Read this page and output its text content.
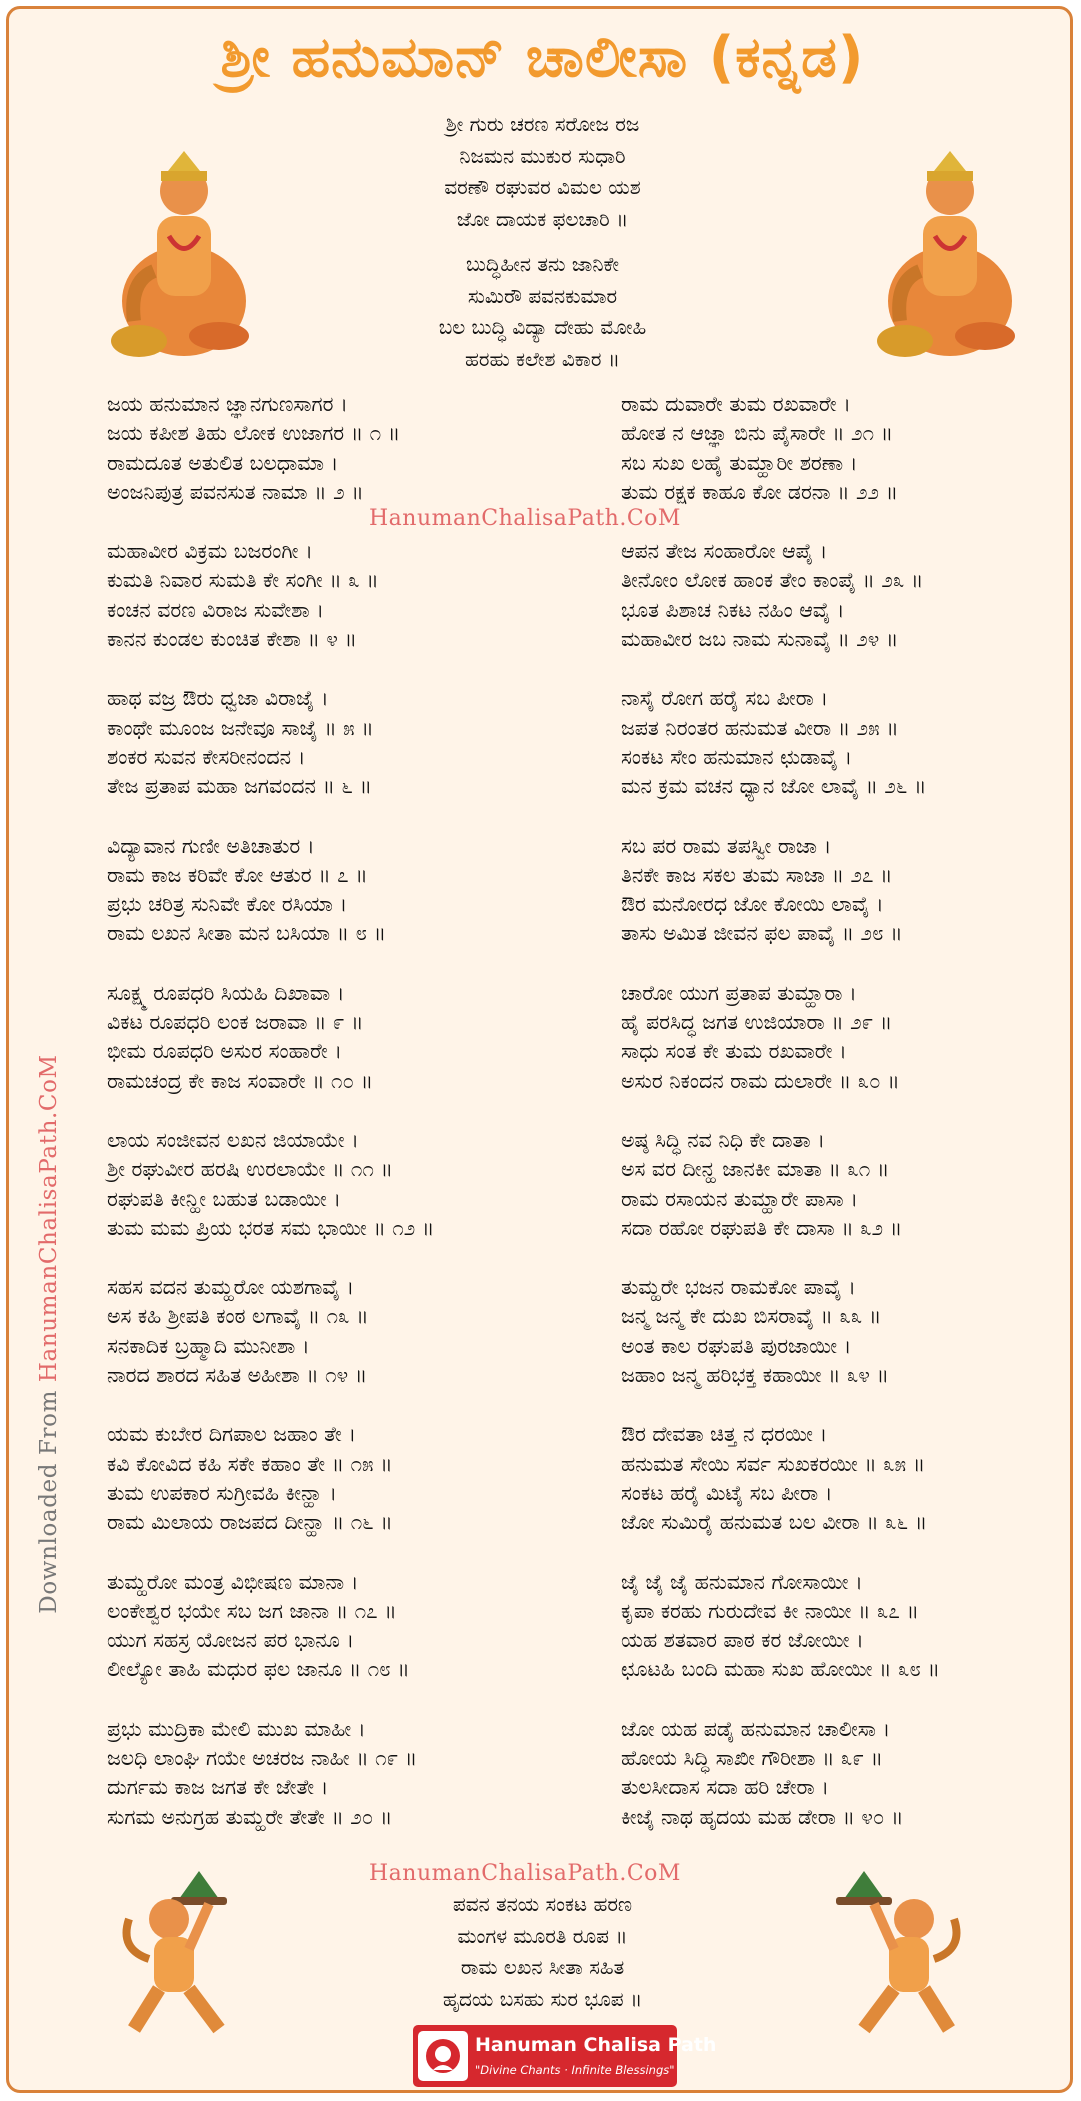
ಶ್ರೀ ಹನುಮಾನ್ ಚಾಲೀಸಾ (ಕನ್ನಡ)
ಶ್ರೀ ಗುರು ಚರಣ ಸರೋಜ ರಜ
ನಿಜಮನ ಮುಕುರ ಸುಧಾರಿ
ವರಣೌ ರಘುವರ ವಿಮಲ ಯಶ
ಜೋ ದಾಯಕ ಫಲಚಾರಿ ॥
ಬುದ್ಧಿಹೀನ ತನು ಜಾನಿಕೇ
ಸುಮಿರೌ ಪವನಕುಮಾರ
ಬಲ ಬುದ್ಧಿ ವಿದ್ಯಾ ದೇಹು ಮೋಹಿ
ಹರಹು ಕಲೇಶ ವಿಕಾರ ॥
HanumanChalisaPath.CoM
ಜಯ ಹನುಮಾನ ಜ್ಞಾನಗುಣಸಾಗರ ।
ಜಯ ಕಪೀಶ ತಿಹು ಲೋಕ ಉಜಾಗರ ॥ ೧ ॥
ರಾಮದೂತ ಅತುಲಿತ ಬಲಧಾಮಾ ।
ಅಂಜನಿಪುತ್ರ ಪವನಸುತ ನಾಮಾ ॥ ೨ ॥
ಮಹಾವೀರ ವಿಕ್ರಮ ಬಜರಂಗೀ ।
ಕುಮತಿ ನಿವಾರ ಸುಮತಿ ಕೇ ಸಂಗೀ ॥ ೩ ॥
ಕಂಚನ ವರಣ ವಿರಾಜ ಸುವೇಶಾ ।
ಕಾನನ ಕುಂಡಲ ಕುಂಚಿತ ಕೇಶಾ ॥ ೪ ॥
ಹಾಥ ವಜ್ರ ಔರು ಧ್ವಜಾ ವಿರಾಜೈ ।
ಕಾಂಥೇ ಮೂಂಜ ಜನೇವೂ ಸಾಜೈ ॥ ೫ ॥
ಶಂಕರ ಸುವನ ಕೇಸರೀನಂದನ ।
ತೇಜ ಪ್ರತಾಪ ಮಹಾ ಜಗವಂದನ ॥ ೬ ॥
ವಿದ್ಯಾವಾನ ಗುಣೀ ಅತಿಚಾತುರ ।
ರಾಮ ಕಾಜ ಕರಿವೇ ಕೋ ಆತುರ ॥ ೭ ॥
ಪ್ರಭು ಚರಿತ್ರ ಸುನಿವೇ ಕೋ ರಸಿಯಾ ।
ರಾಮ ಲಖನ ಸೀತಾ ಮನ ಬಸಿಯಾ ॥ ೮ ॥
ಸೂಕ್ಷ್ಮ ರೂಪಧರಿ ಸಿಯಹಿ ದಿಖಾವಾ ।
ವಿಕಟ ರೂಪಧರಿ ಲಂಕ ಜರಾವಾ ॥ ೯ ॥
ಭೀಮ ರೂಪಧರಿ ಅಸುರ ಸಂಹಾರೇ ।
ರಾಮಚಂದ್ರ ಕೇ ಕಾಜ ಸಂವಾರೇ ॥ ೧೦ ॥
ಲಾಯ ಸಂಜೀವನ ಲಖನ ಜಿಯಾಯೇ ।
ಶ್ರೀ ರಘುವೀರ ಹರಷಿ ಉರಲಾಯೇ ॥ ೧೧ ॥
ರಘುಪತಿ ಕೀನ್ಹೀ ಬಹುತ ಬಡಾಯೀ ।
ತುಮ ಮಮ ಪ್ರಿಯ ಭರತ ಸಮ ಭಾಯೀ ॥ ೧೨ ॥
ಸಹಸ ವದನ ತುಮ್ಹರೋ ಯಶಗಾವೈ ।
ಅಸ ಕಹಿ ಶ್ರೀಪತಿ ಕಂಠ ಲಗಾವೈ ॥ ೧೩ ॥
ಸನಕಾದಿಕ ಬ್ರಹ್ಮಾದಿ ಮುನೀಶಾ ।
ನಾರದ ಶಾರದ ಸಹಿತ ಅಹೀಶಾ ॥ ೧೪ ॥
ಯಮ ಕುಬೇರ ದಿಗಪಾಲ ಜಹಾಂ ತೇ ।
ಕವಿ ಕೋವಿದ ಕಹಿ ಸಕೇ ಕಹಾಂ ತೇ ॥ ೧೫ ॥
ತುಮ ಉಪಕಾರ ಸುಗ್ರೀವಹಿ ಕೀನ್ಹಾ ।
ರಾಮ ಮಿಲಾಯ ರಾಜಪದ ದೀನ್ಹಾ ॥ ೧೬ ॥
ತುಮ್ಹರೋ ಮಂತ್ರ ವಿಭೀಷಣ ಮಾನಾ ।
ಲಂಕೇಶ್ವರ ಭಯೇ ಸಬ ಜಗ ಜಾನಾ ॥ ೧೭ ॥
ಯುಗ ಸಹಸ್ರ ಯೋಜನ ಪರ ಭಾನೂ ।
ಲೀಲ್ಯೋ ತಾಹಿ ಮಧುರ ಫಲ ಜಾನೂ ॥ ೧೮ ॥
ಪ್ರಭು ಮುದ್ರಿಕಾ ಮೇಲಿ ಮುಖ ಮಾಹೀ ।
ಜಲಧಿ ಲಾಂಘಿ ಗಯೇ ಅಚರಜ ನಾಹೀ ॥ ೧೯ ॥
ದುರ್ಗಮ ಕಾಜ ಜಗತ ಕೇ ಜೇತೇ ।
ಸುಗಮ ಅನುಗ್ರಹ ತುಮ್ಹರೇ ತೇತೇ ॥ ೨೦ ॥
ರಾಮ ದುವಾರೇ ತುಮ ರಖವಾರೇ ।
ಹೋತ ನ ಆಜ್ಞಾ ಬಿನು ಪೈಸಾರೇ ॥ ೨೧ ॥
ಸಬ ಸುಖ ಲಹೈ ತುಮ್ಹಾರೀ ಶರಣಾ ।
ತುಮ ರಕ್ಷಕ ಕಾಹೂ ಕೋ ಡರನಾ ॥ ೨೨ ॥
ಆಪನ ತೇಜ ಸಂಹಾರೋ ಆಪೈ ।
ತೀನೋಂ ಲೋಕ ಹಾಂಕ ತೇಂ ಕಾಂಪೈ ॥ ೨೩ ॥
ಭೂತ ಪಿಶಾಚ ನಿಕಟ ನಹಿಂ ಆವೈ ।
ಮಹಾವೀರ ಜಬ ನಾಮ ಸುನಾವೈ ॥ ೨೪ ॥
ನಾಸೈ ರೋಗ ಹರೈ ಸಬ ಪೀರಾ ।
ಜಪತ ನಿರಂತರ ಹನುಮತ ವೀರಾ ॥ ೨೫ ॥
ಸಂಕಟ ಸೇಂ ಹನುಮಾನ ಛುಡಾವೈ ।
ಮನ ಕ್ರಮ ವಚನ ಧ್ಯಾನ ಜೋ ಲಾವೈ ॥ ೨೬ ॥
ಸಬ ಪರ ರಾಮ ತಪಸ್ವೀ ರಾಜಾ ।
ತಿನಕೇ ಕಾಜ ಸಕಲ ತುಮ ಸಾಜಾ ॥ ೨೭ ॥
ಔರ ಮನೋರಧ ಜೋ ಕೋಯಿ ಲಾವೈ ।
ತಾಸು ಅಮಿತ ಜೀವನ ಫಲ ಪಾವೈ ॥ ೨೮ ॥
ಚಾರೋ ಯುಗ ಪ್ರತಾಪ ತುಮ್ಹಾರಾ ।
ಹೈ ಪರಸಿದ್ಧ ಜಗತ ಉಜಿಯಾರಾ ॥ ೨೯ ॥
ಸಾಧು ಸಂತ ಕೇ ತುಮ ರಖವಾರೇ ।
ಅಸುರ ನಿಕಂದನ ರಾಮ ದುಲಾರೇ ॥ ೩೦ ॥
ಅಷ್ಠ ಸಿದ್ಧಿ ನವ ನಿಧಿ ಕೇ ದಾತಾ ।
ಅಸ ವರ ದೀನ್ಹ ಜಾನಕೀ ಮಾತಾ ॥ ೩೧ ॥
ರಾಮ ರಸಾಯನ ತುಮ್ಹಾರೇ ಪಾಸಾ ।
ಸದಾ ರಹೋ ರಘುಪತಿ ಕೇ ದಾಸಾ ॥ ೩೨ ॥
ತುಮ್ಹರೇ ಭಜನ ರಾಮಕೋ ಪಾವೈ ।
ಜನ್ಮ ಜನ್ಮ ಕೇ ದುಖ ಬಿಸರಾವೈ ॥ ೩೩ ॥
ಅಂತ ಕಾಲ ರಘುಪತಿ ಪುರಜಾಯೀ ।
ಜಹಾಂ ಜನ್ಮ ಹರಿಭಕ್ತ ಕಹಾಯೀ ॥ ೩೪ ॥
ಔರ ದೇವತಾ ಚಿತ್ತ ನ ಧರಯೀ ।
ಹನುಮತ ಸೇಯಿ ಸರ್ವ ಸುಖಕರಯೀ ॥ ೩೫ ॥
ಸಂಕಟ ಹರೈ ಮಿಟೈ ಸಬ ಪೀರಾ ।
ಜೋ ಸುಮಿರೈ ಹನುಮತ ಬಲ ವೀರಾ ॥ ೩೬ ॥
ಜೈ ಜೈ ಜೈ ಹನುಮಾನ ಗೋಸಾಯೀ ।
ಕೃಪಾ ಕರಹು ಗುರುದೇವ ಕೀ ನಾಯೀ ॥ ೩೭ ॥
ಯಹ ಶತವಾರ ಪಾಠ ಕರ ಜೋಯೀ ।
ಛೂಟಹಿ ಬಂದಿ ಮಹಾ ಸುಖ ಹೋಯೀ ॥ ೩೮ ॥
ಜೋ ಯಹ ಪಡೈ ಹನುಮಾನ ಚಾಲೀಸಾ ।
ಹೋಯ ಸಿದ್ಧಿ ಸಾಖೀ ಗೌರೀಶಾ ॥ ೩೯ ॥
ತುಲಸೀದಾಸ ಸದಾ ಹರಿ ಚೇರಾ ।
ಕೀಜೈ ನಾಥ ಹೃದಯ ಮಹ ಡೇರಾ ॥ ೪೦ ॥
Downloaded From HanumanChalisaPath.CoM
HanumanChalisaPath.CoM
ಪವನ ತನಯ ಸಂಕಟ ಹರಣ
ಮಂಗಳ ಮೂರತಿ ರೂಪ ॥
ರಾಮ ಲಖನ ಸೀತಾ ಸಹಿತ
ಹೃದಯ ಬಸಹು ಸುರ ಭೂಪ ॥
Hanuman Chalisa Path
"Divine Chants · Infinite Blessings"
